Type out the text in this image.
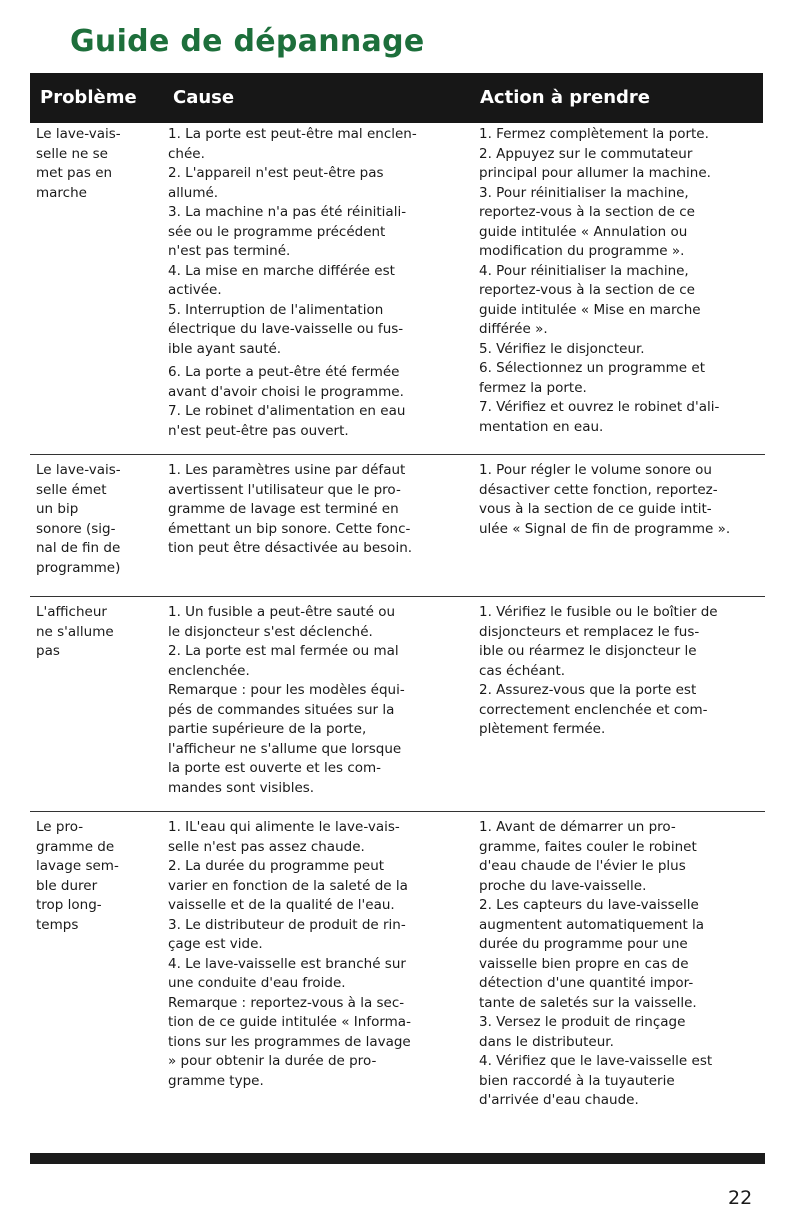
Guide de dépannage
Problème Cause	Action à prendre

Le lave-vais-

selle ne se

met pas en

marche

1. La porte est peut-être mal enclen-

chée.

2. L'appareil n'est peut-être pas

allumé.

3. La machine n'a pas été réinitiali-

sée ou le programme précédent

n'est pas terminé.

4. La mise en marche différée est

activée.

5. Interruption de l'alimentation

électrique du lave-vaisselle ou fus-

ible ayant sauté.

6. La porte a peut-être été fermée

avant d'avoir choisi le programme.

7. Le robinet d'alimentation en eau

n'est peut-être pas ouvert.

1. Fermez complètement la porte.

2. Appuyez sur le commutateur

principal pour allumer la machine.

3. Pour réinitialiser la machine,

reportez-vous à la section de ce

guide intitulée « Annulation ou

modification du programme ».

4. Pour réinitialiser la machine,

reportez-vous à la section de ce

guide intitulée « Mise en marche

différée ».

5. Vérifiez le disjoncteur.

6. Sélectionnez un programme et

fermez la porte.

7. Vérifiez et ouvrez le robinet d'ali-

mentation en eau.

Le lave-vais-

selle émet

un bip

sonore (sig-

nal de fin de

programme)

1. Les paramètres usine par défaut

avertissent l'utilisateur que le pro-

gramme de lavage est terminé en

émettant un bip sonore. Cette fonc-

tion peut être désactivée au besoin.

1. Pour régler le volume sonore ou

désactiver cette fonction, reportez-

vous à la section de ce guide intit-

ulée « Signal de fin de programme ».

L'afficheur

ne s'allume

pas

1. Un fusible a peut-être sauté ou

le disjoncteur s'est déclenché.

2. La porte est mal fermée ou mal

enclenchée.

Remarque : pour les modèles équi-

pés de commandes situées sur la

partie supérieure de la porte,

l'afficheur ne s'allume que lorsque

la porte est ouverte et les com-

mandes sont visibles.

1. Vérifiez le fusible ou le boîtier de

disjoncteurs et remplacez le fus-

ible ou réarmez le disjoncteur le

cas échéant.

2. Assurez-vous que la porte est

correctement enclenchée et com-

plètement fermée.

Le pro-

gramme de

lavage sem-

ble durer

trop long-

temps

1. IL'eau qui alimente le lave-vais-

selle n'est pas assez chaude.

2. La durée du programme peut

varier en fonction de la saleté de la

vaisselle et de la qualité de l'eau.

3. Le distributeur de produit de rin-

çage est vide.

4. Le lave-vaisselle est branché sur

une conduite d'eau froide.

Remarque : reportez-vous à la sec-

tion de ce guide intitulée « Informa-

tions sur les programmes de lavage

» pour obtenir la durée de pro-

gramme type.

1. Avant de démarrer un pro-

gramme, faites couler le robinet

d'eau chaude de l'évier le plus

proche du lave-vaisselle.

2. Les capteurs du lave-vaisselle

augmentent automatiquement la

durée du programme pour une

vaisselle bien propre en cas de

détection d'une quantité impor-

tante de saletés sur la vaisselle.

3. Versez le produit de rinçage

dans le distributeur.

4. Vérifiez que le lave-vaisselle est

bien raccordé à la tuyauterie

d'arrivée d'eau chaude.

22
